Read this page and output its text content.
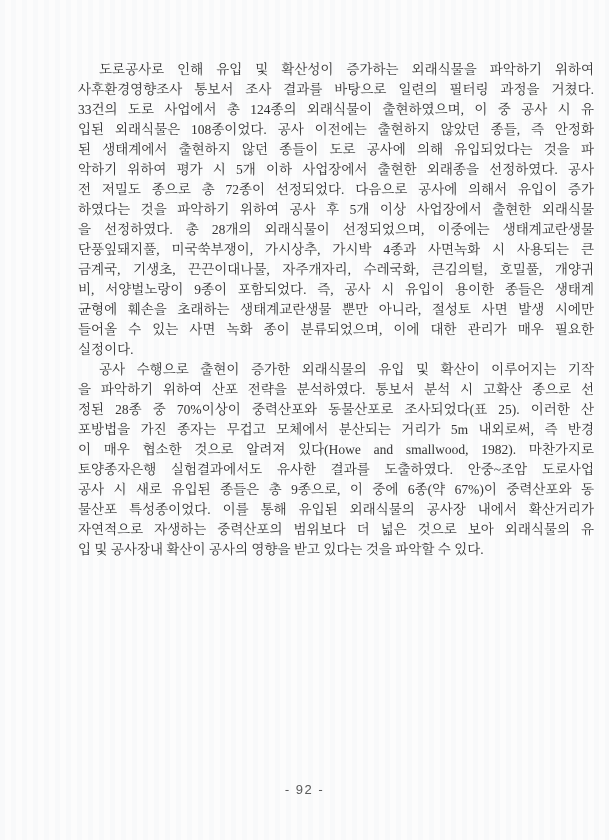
도로공사로 인해 유입 및 확산성이 증가하는 외래식물을 파악하기 위하여
사후환경영향조사 통보서 조사 결과를 바탕으로 일련의 필터링 과정을 거쳤다.
33건의 도로 사업에서 총 124종의 외래식물이 출현하였으며, 이 중 공사 시 유
입된 외래식물은 108종이었다. 공사 이전에는 출현하지 않았던 종들, 즉 안정화
된 생태계에서 출현하지 않던 종들이 도로 공사에 의해 유입되었다는 것을 파
악하기 위하여 평가 시 5개 이하 사업장에서 출현한 외래종을 선정하였다. 공사
전 저밀도 종으로 총 72종이 선정되었다. 다음으로 공사에 의해서 유입이 증가
하였다는 것을 파악하기 위하여 공사 후 5개 이상 사업장에서 출현한 외래식물
을 선정하였다. 총 28개의 외래식물이 선정되었으며, 이중에는 생태계교란생물
단풍잎돼지풀, 미국쑥부쟁이, 가시상추, 가시박 4종과 사면녹화 시 사용되는 큰
금계국, 기생초, 끈끈이대나물, 자주개자리, 수레국화, 큰김의털, 호밀풀, 개양귀
비, 서양벌노랑이 9종이 포함되었다. 즉, 공사 시 유입이 용이한 종들은 생태계
균형에 훼손을 초래하는 생태계교란생물 뿐만 아니라, 절성토 사면 발생 시에만
들어올 수 있는 사면 녹화 종이 분류되었으며, 이에 대한 관리가 매우 필요한
실정이다.
공사 수행으로 출현이 증가한 외래식물의 유입 및 확산이 이루어지는 기작
을 파악하기 위하여 산포 전략을 분석하였다. 통보서 분석 시 고확산 종으로 선
정된 28종 중 70%이상이 중력산포와 동물산포로 조사되었다(표 25). 이러한 산
포방법을 가진 종자는 무겁고 모체에서 분산되는 거리가 5m 내외로써, 즉 반경
이 매우 협소한 것으로 알려져 있다(Howe and smallwood, 1982). 마찬가지로
토양종자은행 실험결과에서도 유사한 결과를 도출하였다. 안중~조암 도로사업
공사 시 새로 유입된 종들은 총 9종으로, 이 중에 6종(약 67%)이 중력산포와 동
물산포 특성종이었다. 이를 통해 유입된 외래식물의 공사장 내에서 확산거리가
자연적으로 자생하는 중력산포의 범위보다 더 넓은 것으로 보아 외래식물의 유
입 및 공사장내 확산이 공사의 영향을 받고 있다는 것을 파악할 수 있다.
- 92 -
